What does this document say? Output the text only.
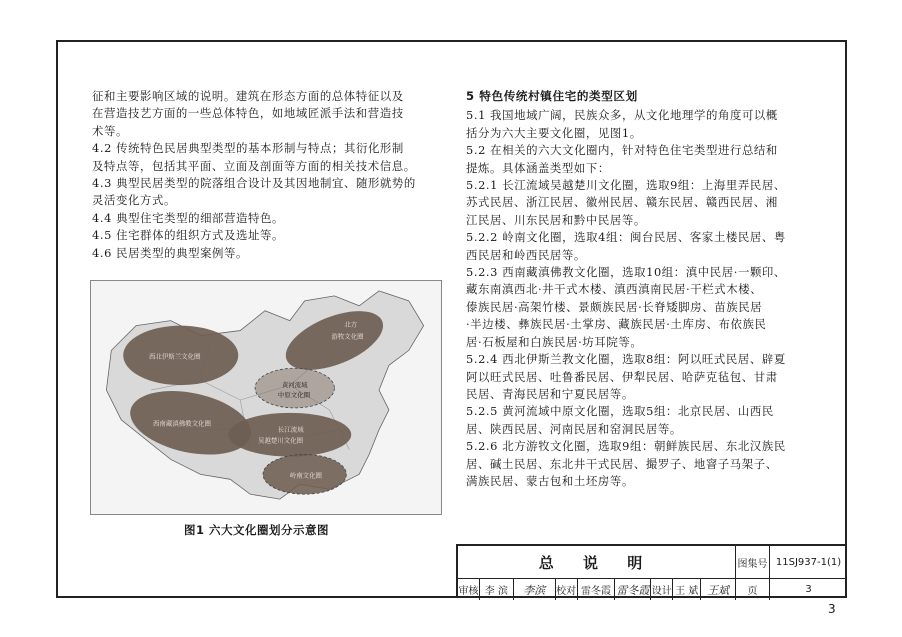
征和主要影响区域的说明。建筑在形态方面的总体特征以及
在营造技艺方面的一些总体特色，如地域匠派手法和营造技
术等。
4.2 传统特色民居典型类型的基本形制与特点；其衍化形制
及特点等，包括其平面、立面及剖面等方面的相关技术信息。
4.3 典型民居类型的院落组合设计及其因地制宜、随形就势的
灵活变化方式。
4.4 典型住宅类型的细部营造特色。
4.5 住宅群体的组织方式及选址等。
4.6 民居类型的典型案例等。
西北伊斯兰文化圈
北方
游牧文化圈
黄河流域
中原文化圈
西南藏滇佛教文化圈
长江流域
吴越楚川文化圈
岭南文化圈
图1 六大文化圈划分示意图
5 特色传统村镇住宅的类型区划
5.1 我国地域广阔，民族众多，从文化地理学的角度可以概
括分为六大主要文化圈，见图1。
5.2 在相关的六大文化圈内，针对特色住宅类型进行总结和
提炼。具体涵盖类型如下：
5.2.1 长江流域吴越楚川文化圈，选取9组：上海里弄民居、
苏式民居、浙江民居、徽州民居、赣东民居、赣西民居、湘
江民居、川东民居和黔中民居等。
5.2.2 岭南文化圈，选取4组：闽台民居、客家土楼民居、粤
西民居和岭西民居等。
5.2.3 西南藏滇佛教文化圈，选取10组：滇中民居·一颗印、
藏东南滇西北·井干式木楼、滇西滇南民居·干栏式木楼、
傣族民居·高架竹楼、景颇族民居·长脊矮脚房、苗族民居
·半边楼、彝族民居·土掌房、藏族民居·土库房、布依族民
居·石板屋和白族民居·坊耳院等。
5.2.4 西北伊斯兰教文化圈，选取8组：阿以旺式民居、辟夏
阿以旺式民居、吐鲁番民居、伊犁民居、哈萨克毡包、甘肃
民居、青海民居和宁夏民居等。
5.2.5 黄河流域中原文化圈，选取5组：北京民居、山西民
居、陕西民居、河南民居和窑洞民居等。
5.2.6 北方游牧文化圈，选取9组：朝鲜族民居、东北汉族民
居、碱土民居、东北井干式民居、撮罗子、地窨子马架子、
满族民居、蒙古包和土坯房等。
总 说 明	图集号 11SJ937-1(1)
审核 李 滨	李滨	校对 雷冬霞 雷冬霞 设计 王 斌 王斌	页	3
3
